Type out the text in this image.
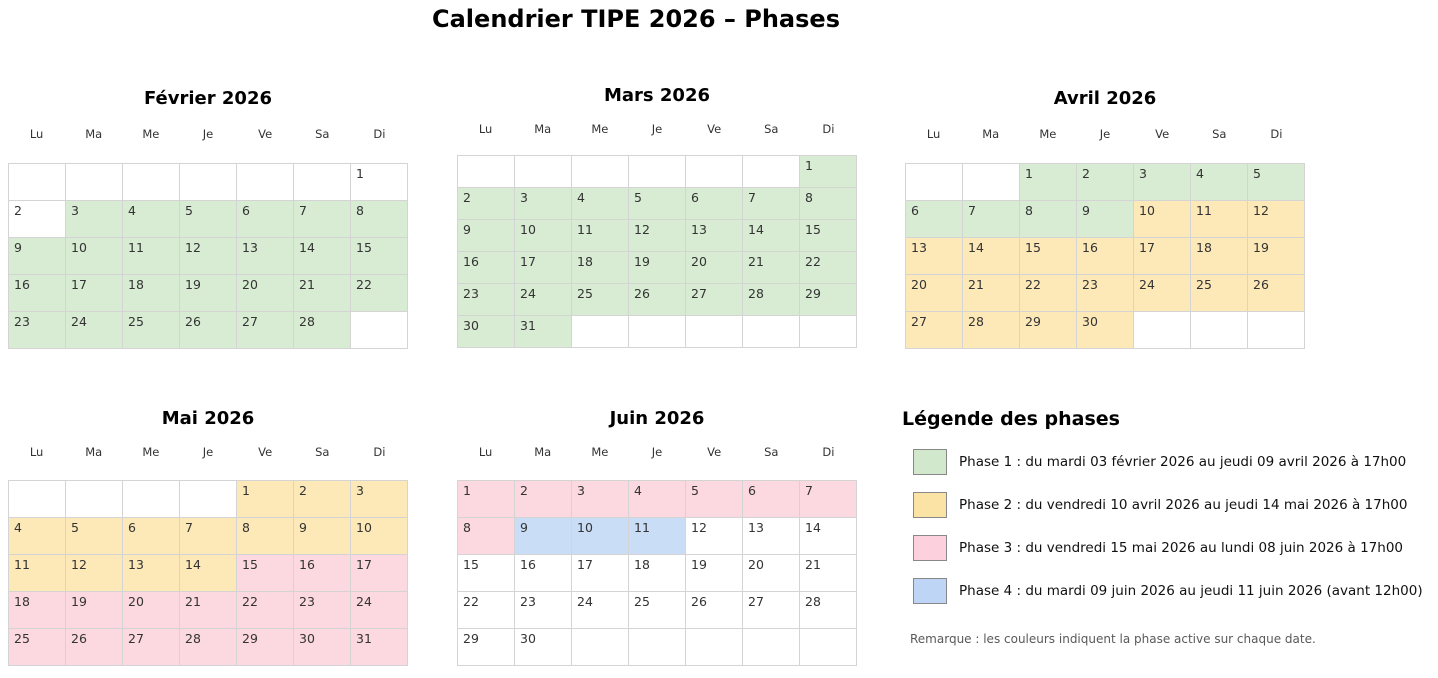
Calendrier TIPE 2026 – Phases
Février 2026
Lu	Ma	Me	Je	Ve	Sa	Di
						1
2	3	4	5	6	7	8
9	10	11	12	13	14	15
16	17	18	19	20	21	22
23	24	25	26	27	28	
Mars 2026
Lu	Ma	Me	Je	Ve	Sa	Di
						1
2	3	4	5	6	7	8
9	10	11	12	13	14	15
16	17	18	19	20	21	22
23	24	25	26	27	28	29
30	31					
Avril 2026
Lu	Ma	Me	Je	Ve	Sa	Di
		1	2	3	4	5
6	7	8	9	10	11	12
13	14	15	16	17	18	19
20	21	22	23	24	25	26
27	28	29	30			
Mai 2026
Lu	Ma	Me	Je	Ve	Sa	Di
				1	2	3
4	5	6	7	8	9	10
11	12	13	14	15	16	17
18	19	20	21	22	23	24
25	26	27	28	29	30	31
Juin 2026
Lu	Ma	Me	Je	Ve	Sa	Di
1	2	3	4	5	6	7
8	9	10	11	12	13	14
15	16	17	18	19	20	21
22	23	24	25	26	27	28
29	30					
Légende des phases
Phase 1 : du mardi 03 février 2026 au jeudi 09 avril 2026 à 17h00
Phase 2 : du vendredi 10 avril 2026 au jeudi 14 mai 2026 à 17h00
Phase 3 : du vendredi 15 mai 2026 au lundi 08 juin 2026 à 17h00
Phase 4 : du mardi 09 juin 2026 au jeudi 11 juin 2026 (avant 12h00)
Remarque : les couleurs indiquent la phase active sur chaque date.
